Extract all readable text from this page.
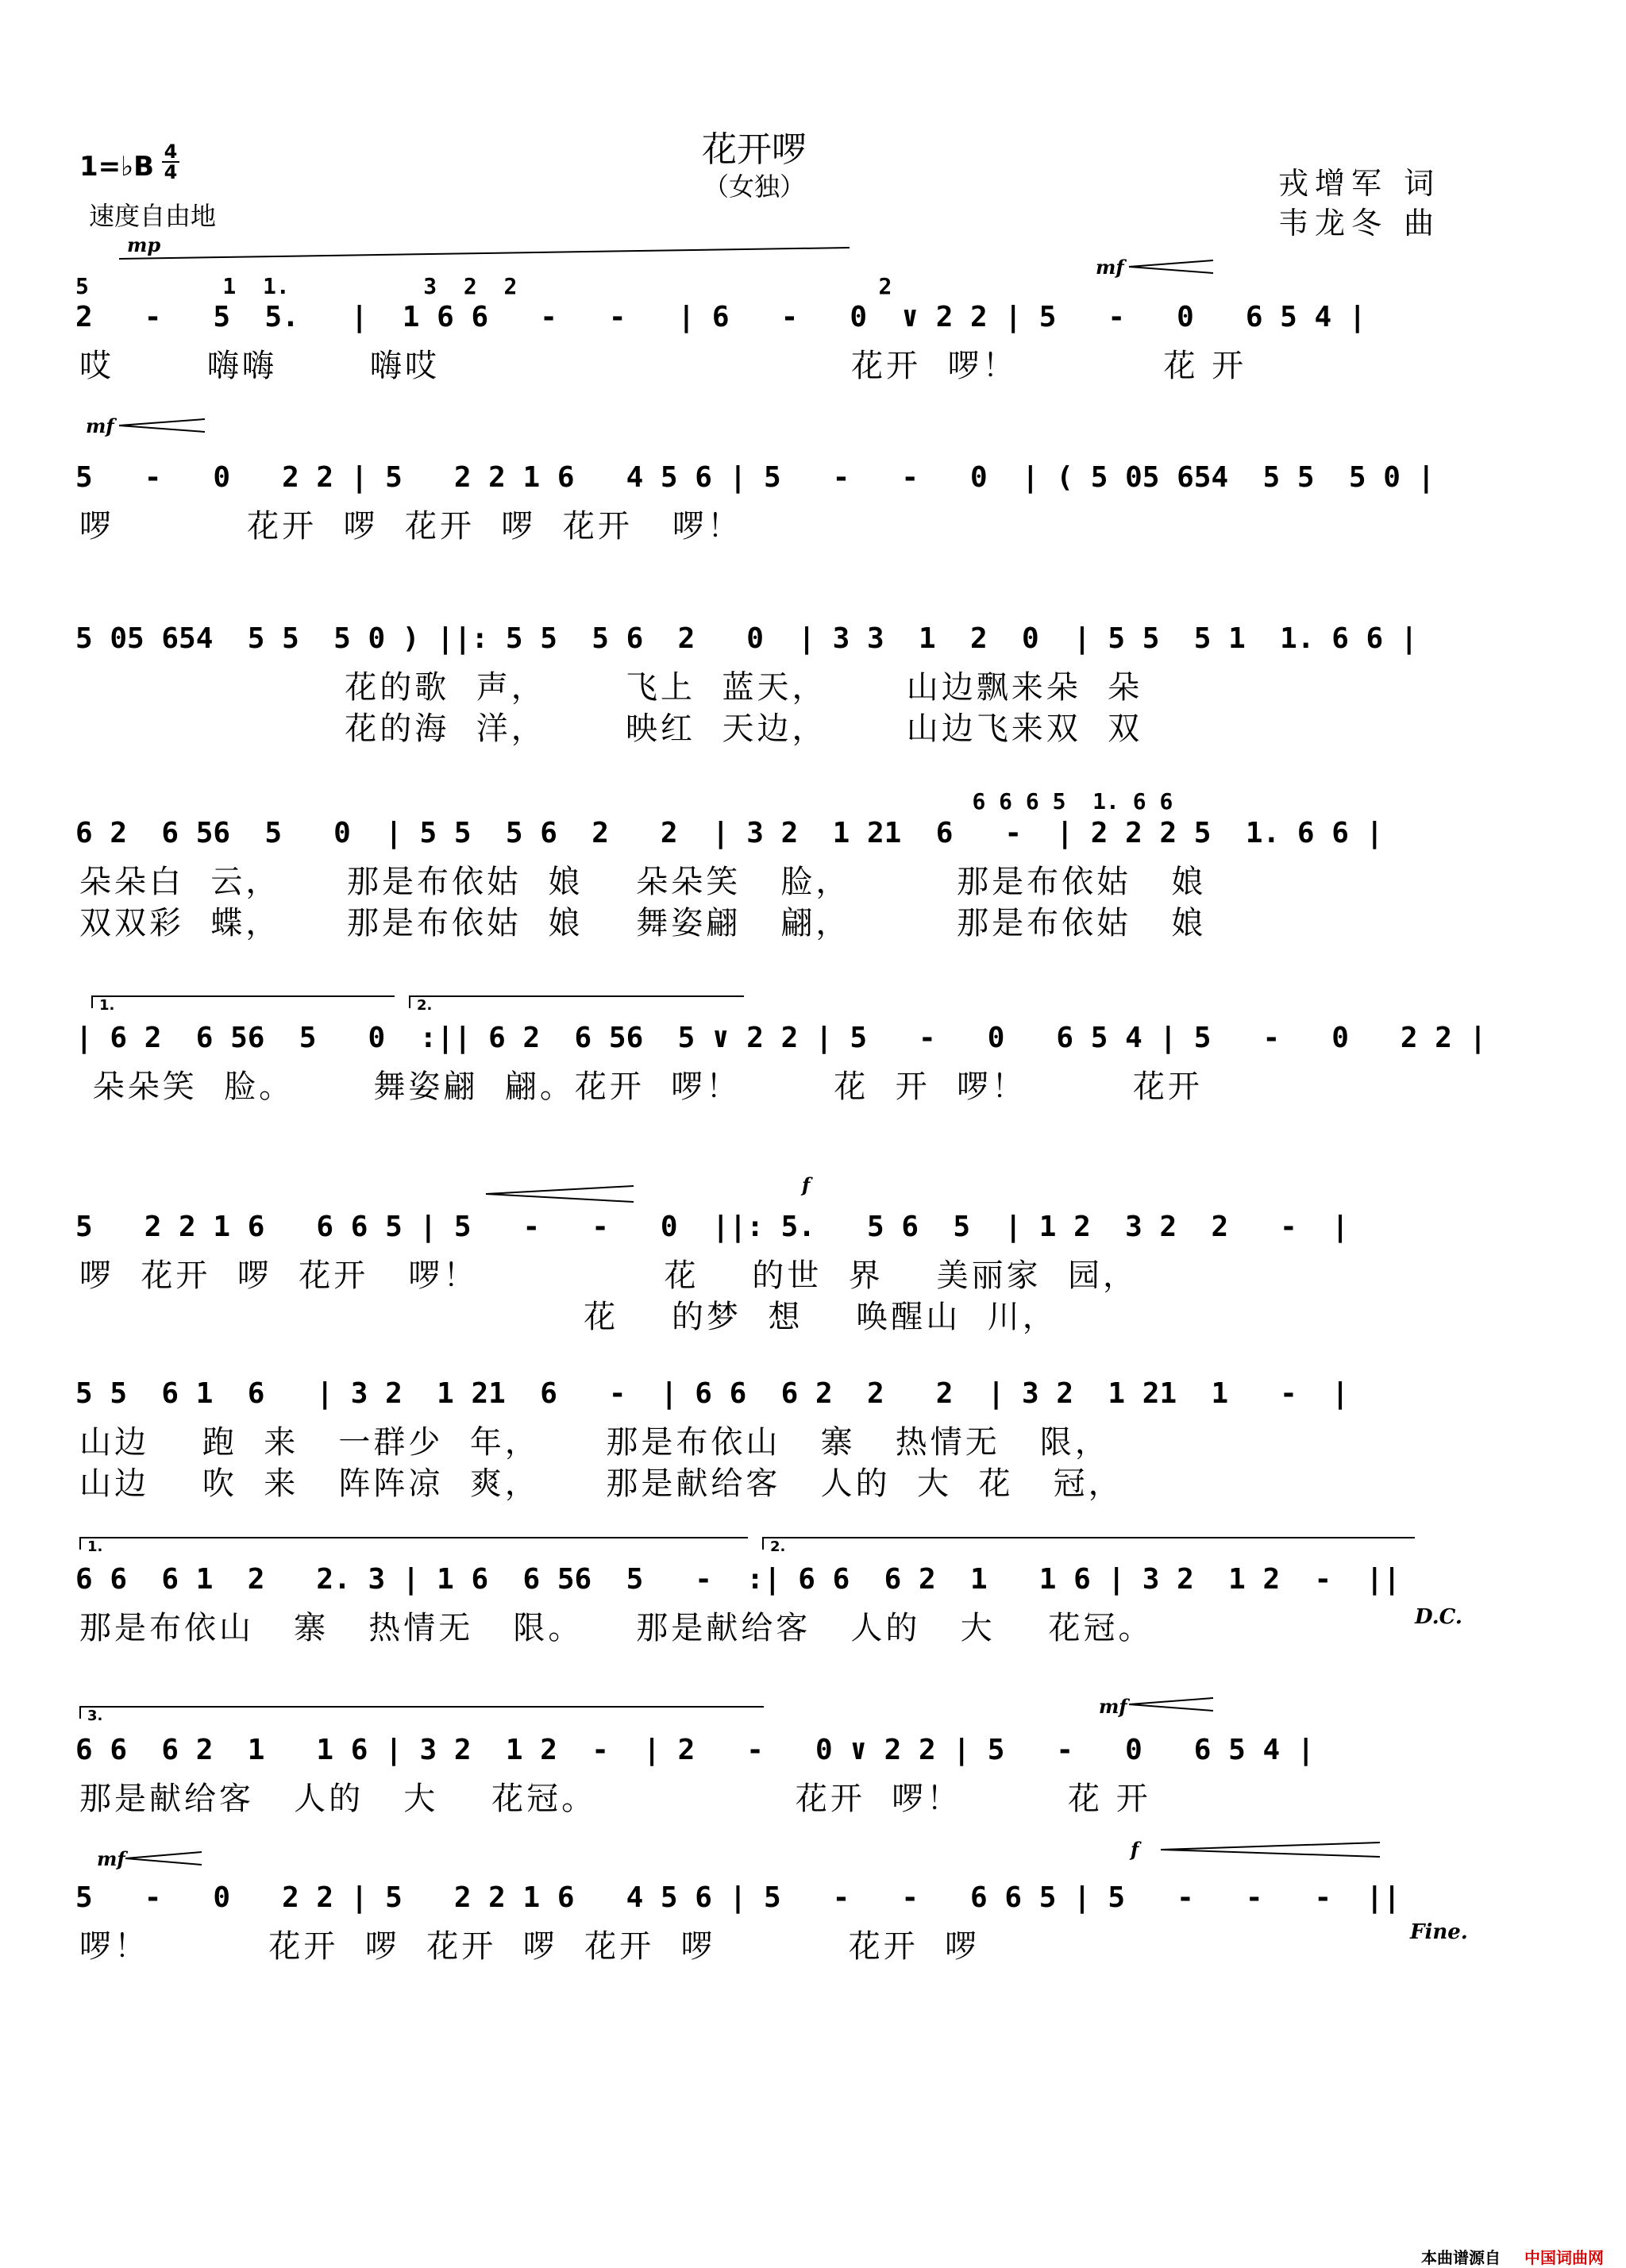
花开啰
（女独）
1=♭B 4
4
速度自由地
戎增军 词
韦龙冬 曲
mp
mf
5          1  1.          3  2  2                           2
2   -   5  5.   |  1 6 6   -   -   | 6   -   0  ∨ 2 2 | 5   -   0   6 5 4 |
哎       嗨嗨       嗨哎                               花开  啰！           花 开
mf
5   -   0   2 2 | 5   2 2 1 6   4 5 6 | 5   -   -   0  | ( 5 05 654  5 5  5 0 |
啰          花开  啰  花开  啰  花开   啰！
5 05 654  5 5  5 0 ) ||: 5 5  5 6  2   0  | 3 3  1  2  0  | 5 5  5 1  1. 6 6 |
花的歌  声，      飞上  蓝天，      山边飘来朵  朵
花的海  洋，      映红  天边，      山边飞来双  双
6 6 6 5  1. 6 6
6 2  6 56  5   0  | 5 5  5 6  2   2  | 3 2  1 21  6   -  | 2 2 2 5  1. 6 6 |
朵朵白  云，     那是布依姑  娘    朵朵笑   脸，        那是布依姑   娘
双双彩  蝶，     那是布依姑  娘    舞姿翩   翩，        那是布依姑   娘
1.	2.
| 6 2  6 56  5   0  :|| 6 2  6 56  5 ∨ 2 2 | 5   -   0   6 5 4 | 5   -   0   2 2 |
朵朵笑  脸。      舞姿翩  翩。花开  啰！       花  开  啰！        花开
f
5   2 2 1 6   6 6 5 | 5   -   -   0  ||: 5.   5 6  5  | 1 2  3 2  2   -  |
啰  花开  啰  花开   啰！              花    的世  界    美丽家  园，
花    的梦  想    唤醒山  川，
5 5  6 1  6   | 3 2  1 21  6   -  | 6 6  6 2  2   2  | 3 2  1 21  1   -  |
山边    跑  来   一群少  年，     那是布依山   寨   热情无   限，
山边    吹  来   阵阵凉  爽，     那是献给客   人的  大  花   冠，
1.	2.
6 6  6 1  2   2. 3 | 1 6  6 56  5   -  :| 6 6  6 2  1   1 6 | 3 2  1 2  -  ||
那是布依山   寨   热情无   限。    那是献给客   人的   大    花冠。	D.C.
3.	mf
6 6  6 2  1   1 6 | 3 2  1 2  -  | 2   -   0 ∨ 2 2 | 5   -   0   6 5 4 |
那是献给客   人的   大    花冠。               花开  啰！        花 开
mf	f
5   -   0   2 2 | 5   2 2 1 6   4 5 6 | 5   -   -   6 6 5 | 5   -   -   -  ||
啰！         花开  啰  花开  啰  花开  啰          花开  啰	Fine.
本曲谱源自 中国词曲网
